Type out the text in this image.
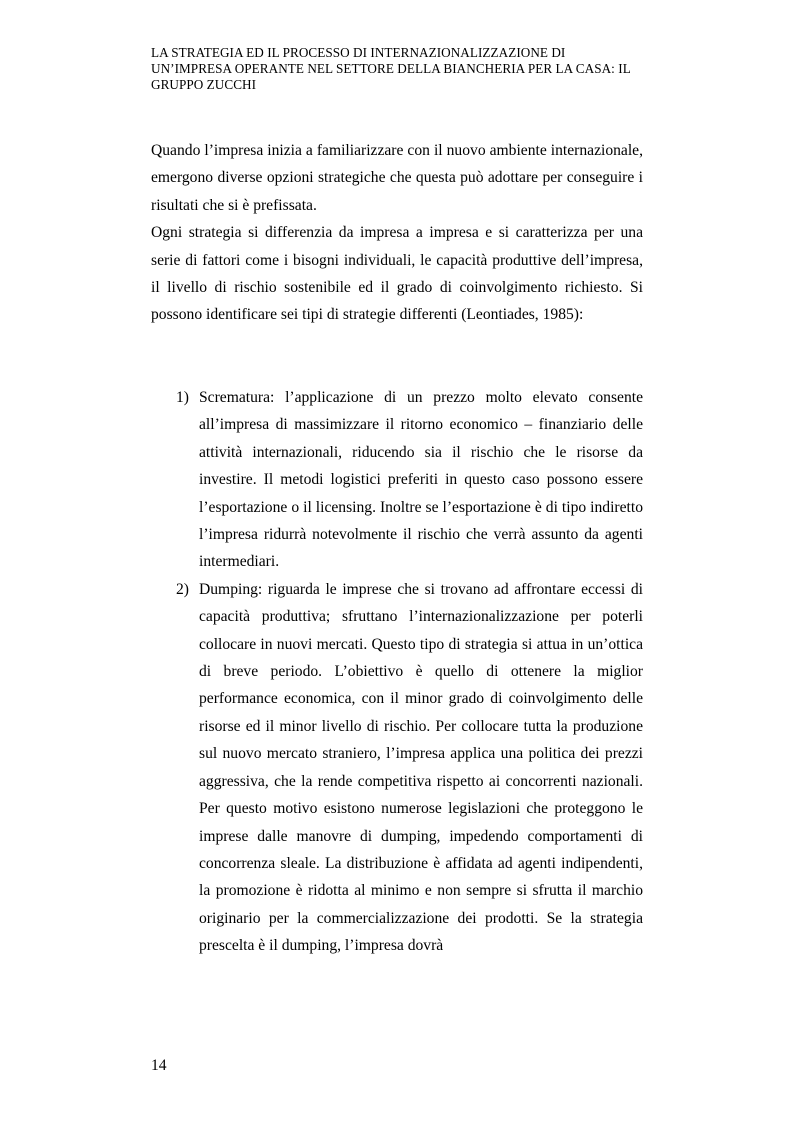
LA STRATEGIA ED IL PROCESSO DI INTERNAZIONALIZZAZIONE DI
UN’IMPRESA OPERANTE NEL SETTORE DELLA BIANCHERIA PER LA CASA: IL
GRUPPO ZUCCHI

Quando l’impresa inizia a familiarizzare con il nuovo ambiente internazionale, emergono diverse opzioni strategiche che questa può adottare per conseguire i risultati che si è prefissata.

Ogni strategia si differenzia da impresa a impresa e si caratterizza per una serie di fattori come i bisogni individuali, le capacità produttive dell’impresa, il livello di rischio sostenibile ed il grado di coinvolgimento richiesto. Si possono identificare sei tipi di strategie differenti (Leontiades, 1985):

1) Scrematura: l’applicazione di un prezzo molto elevato consente all’impresa di massimizzare il ritorno economico – finanziario delle attività internazionali, riducendo sia il rischio che le risorse da investire. Il metodi logistici preferiti in questo caso possono essere l’esportazione o il licensing. Inoltre se l’esportazione è di tipo indiretto l’impresa ridurrà notevolmente il rischio che verrà assunto da agenti intermediari.
2) Dumping: riguarda le imprese che si trovano ad affrontare eccessi di capacità produttiva; sfruttano l’internazionalizzazione per poterli collocare in nuovi mercati. Questo tipo di strategia si attua in un’ottica di breve periodo. L’obiettivo è quello di ottenere la miglior performance economica, con il minor grado di coinvolgimento delle risorse ed il minor livello di rischio. Per collocare tutta la produzione sul nuovo mercato straniero, l’impresa applica una politica dei prezzi aggressiva, che la rende competitiva rispetto ai concorrenti nazionali. Per questo motivo esistono numerose legislazioni che proteggono le imprese dalle manovre di dumping, impedendo comportamenti di concorrenza sleale. La distribuzione è affidata ad agenti indipendenti, la promozione è ridotta al minimo e non sempre si sfrutta il marchio originario per la commercializzazione dei prodotti. Se la strategia prescelta è il dumping, l’impresa dovrà
14
